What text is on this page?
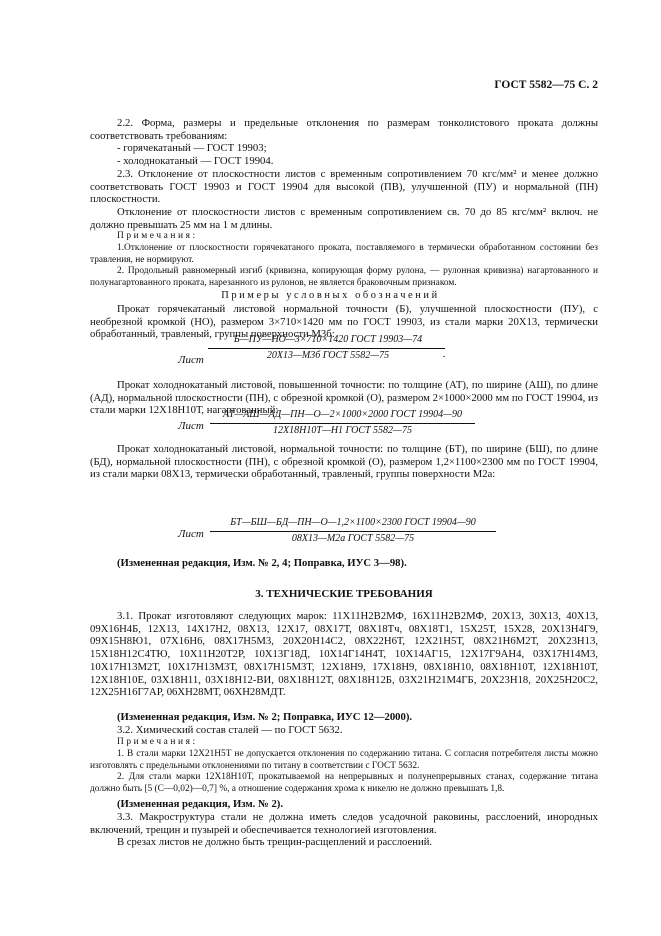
ГОСТ 5582—75 С. 2
2.2. Форма, размеры и предельные отклонения по размерам тонколистового проката должны соответствовать требованиям:
- горячекатаный — ГОСТ 19903;
- холоднокатаный — ГОСТ 19904.
2.3. Отклонение от плоскостности листов с временным сопротивлением 70 кгс/мм² и менее должно соответствовать ГОСТ 19903 и ГОСТ 19904 для высокой (ПВ), улучшенной (ПУ) и нормальной (ПН) плоскостности.
Отклонение от плоскостности листов с временным сопротивлением св. 70 до 85 кгс/мм² включ. не должно превышать 25 мм на 1 м длины.
Примечания:
1.Отклонение от плоскостности горячекатаного проката, поставляемого в термически обработанном состоянии без травления, не нормируют.
2. Продольный равномерный изгиб (кривизна, копирующая форму рулона, — рулонная кривизна) нагартованного и полунагартованного проката, нарезанного из рулонов, не является браковочным признаком.
Примеры условных обозначений
Прокат горячекатаный листовой нормальной точности (Б), улучшенной плоскостности (ПУ), с необрезной кромкой (НО), размером 3×710×1420 мм по ГОСТ 19903, из стали марки 20Х13, термически обработанный, травленый, группы поверхности М3б:
Лист
Б—ПУ—НО—3×710×1420 ГОСТ 19903—74
20Х13—М3б ГОСТ 5582—75	.
Прокат холоднокатаный листовой, повышенной точности: по толщине (АТ), по ширине (АШ), по длине (АД), нормальной плоскостности (ПН), с обрезной кромкой (О), размером 2×1000×2000 мм по ГОСТ 19904, из стали марки 12Х18Н10Т, нагартованный:
Лист
АТ—АШ—АД—ПН—О—2×1000×2000 ГОСТ 19904—90
12Х18Н10Т—Н1 ГОСТ 5582—75
Прокат холоднокатаный листовой, нормальной точности: по толщине (БТ), по ширине (БШ), по длине (БД), нормальной плоскостности (ПН), с обрезной кромкой (О), размером 1,2×1100×2300 мм по ГОСТ 19904, из стали марки 08Х13, термически обработанный, травленый, группы поверхности М2а:
Лист
БТ—БШ—БД—ПН—О—1,2×1100×2300 ГОСТ 19904—90
08Х13—М2а ГОСТ 5582—75
(Измененная редакция, Изм. № 2, 4; Поправка, ИУС 3—98).
3. ТЕХНИЧЕСКИЕ ТРЕБОВАНИЯ
3.1. Прокат изготовляют следующих марок: 11Х11Н2В2МФ, 16Х11Н2В2МФ, 20Х13, 30Х13, 40Х13, 09Х16Н4Б, 12Х13, 14Х17Н2, 08Х13, 12Х17, 08Х17Т, 08Х18Тч, 08Х18Т1, 15Х25Т, 15Х28, 20Х13Н4Г9, 09Х15Н8Ю1, 07Х16Н6, 08Х17Н5М3, 20Х20Н14С2, 08Х22Н6Т, 12Х21Н5Т, 08Х21Н6М2Т, 20Х23Н13, 15Х18Н12С4ТЮ, 10Х11Н20Т2Р, 10Х13Г18Д, 10Х14Г14Н4Т, 10Х14АГ15, 12Х17Г9АН4, 03Х17Н14М3, 10Х17Н13М2Т, 10Х17Н13М3Т, 08Х17Н15М3Т, 12Х18Н9, 17Х18Н9, 08Х18Н10, 08Х18Н10Т, 12Х18Н10Т, 12Х18Н10Е, 03Х18Н11, 03Х18Н12-ВИ, 08Х18Н12Т, 08Х18Н12Б, 03Х21Н21М4ГБ, 20Х23Н18, 20Х25Н20С2, 12Х25Н16Г7АР, 06ХН28МТ, 06ХН28МДТ.
(Измененная редакция, Изм. № 2; Поправка, ИУС 12—2000).
3.2. Химический состав сталей — по ГОСТ 5632.
Примечания:
1. В стали марки 12Х21Н5Т не допускается отклонения по содержанию титана. С согласия потребителя листы можно изготовлять с предельными отклонениями по титану в соответствии с ГОСТ 5632.
2. Для стали марки 12Х18Н10Т, прокатываемой на непрерывных и полунепрерывных станах, содержание титана должно быть [5 (С—0,02)—0,7] %, а отношение содержания хрома к никелю не должно превышать 1,8.
(Измененная редакция, Изм. № 2).
3.3. Макроструктура стали не должна иметь следов усадочной раковины, расслоений, инородных включений, трещин и пузырей и обеспечивается технологией изготовления.
В срезах листов не должно быть трещин-расщеплений и расслоений.
